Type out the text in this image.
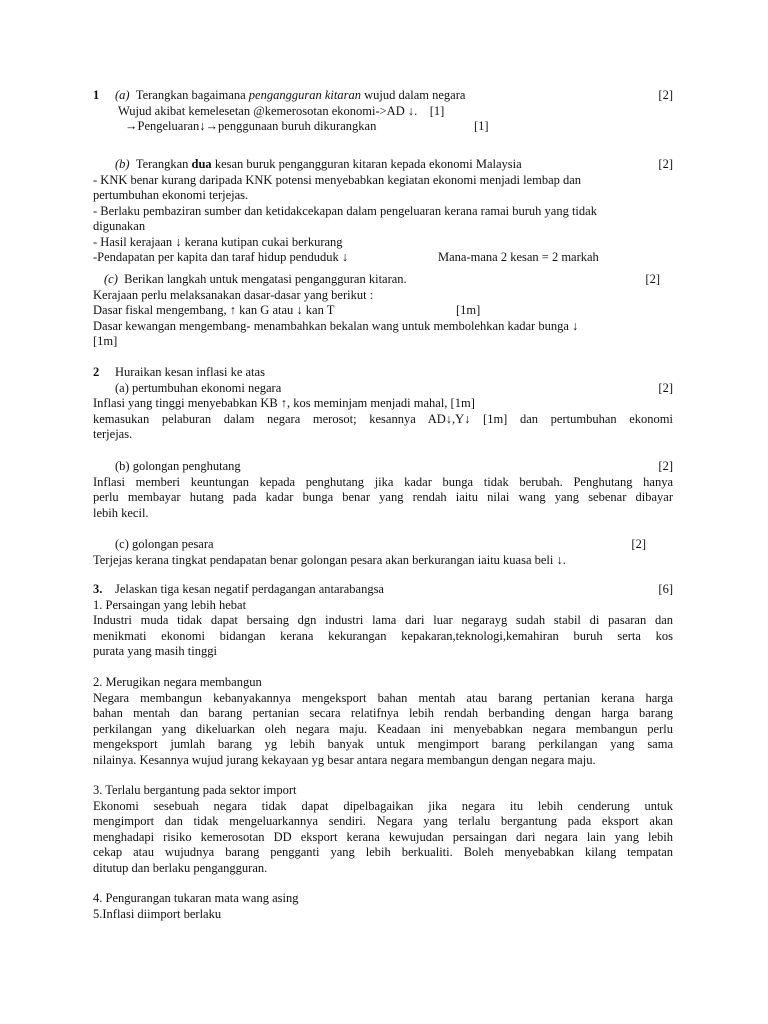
1 (a) Terangkan bagaimana pengangguran kitaran wujud dalam negara	[2]
Wujud akibat kemelesetan @kemerosotan ekonomi->AD ↓. [1]
→Pengeluaran↓→penggunaan buruh dikurangkan	[1]
(b) Terangkan dua kesan buruk pengangguran kitaran kepada ekonomi Malaysia	[2]
- KNK benar kurang daripada KNK potensi menyebabkan kegiatan ekonomi menjadi lembap dan
pertumbuhan ekonomi terjejas.
- Berlaku pembaziran sumber dan ketidakcekapan dalam pengeluaran kerana ramai buruh yang tidak
digunakan
- Hasil kerajaan ↓ kerana kutipan cukai berkurang
-Pendapatan per kapita dan taraf hidup penduduk ↓	Mana-mana 2 kesan = 2 markah
(c) Berikan langkah untuk mengatasi pengangguran kitaran.	[2]
Kerajaan perlu melaksanakan dasar-dasar yang berikut :
Dasar fiskal mengembang, ↑ kan G atau ↓ kan T	[1m]
Dasar kewangan mengembang- menambahkan bekalan wang untuk membolehkan kadar bunga ↓
[1m]
2 Huraikan kesan inflasi ke atas
(a) pertumbuhan ekonomi negara	[2]
Inflasi yang tinggi menyebabkan KB ↑, kos meminjam menjadi mahal, [1m]
kemasukan pelaburan dalam negara merosot; kesannya AD↓,Y↓ [1m] dan pertumbuhan ekonomi
terjejas.
(b) golongan penghutang	[2]
Inflasi memberi keuntungan kepada penghutang jika kadar bunga tidak berubah. Penghutang hanya
perlu membayar hutang pada kadar bunga benar yang rendah iaitu nilai wang yang sebenar dibayar
lebih kecil.
(c) golongan pesara	[2]
Terjejas kerana tingkat pendapatan benar golongan pesara akan berkurangan iaitu kuasa beli ↓.
3. Jelaskan tiga kesan negatif perdagangan antarabangsa	[6]
1. Persaingan yang lebih hebat
Industri muda tidak dapat bersaing dgn industri lama dari luar negarayg sudah stabil di pasaran dan
menikmati ekonomi bidangan kerana kekurangan kepakaran,teknologi,kemahiran buruh serta kos
purata yang masih tinggi
2. Merugikan negara membangun
Negara membangun kebanyakannya mengeksport bahan mentah atau barang pertanian kerana harga
bahan mentah dan barang pertanian secara relatifnya lebih rendah berbanding dengan harga barang
perkilangan yang dikeluarkan oleh negara maju. Keadaan ini menyebabkan negara membangun perlu
mengeksport jumlah barang yg lebih banyak untuk mengimport barang perkilangan yang sama
nilainya. Kesannya wujud jurang kekayaan yg besar antara negara membangun dengan negara maju.
3. Terlalu bergantung pada sektor import
Ekonomi sesebuah negara tidak dapat dipelbagaikan jika negara itu lebih cenderung untuk
mengimport dan tidak mengeluarkannya sendiri. Negara yang terlalu bergantung pada eksport akan
menghadapi risiko kemerosotan DD eksport kerana kewujudan persaingan dari negara lain yang lebih
cekap atau wujudnya barang pengganti yang lebih berkualiti. Boleh menyebabkan kilang tempatan
ditutup dan berlaku pengangguran.
4. Pengurangan tukaran mata wang asing
5.Inflasi diimport berlaku
